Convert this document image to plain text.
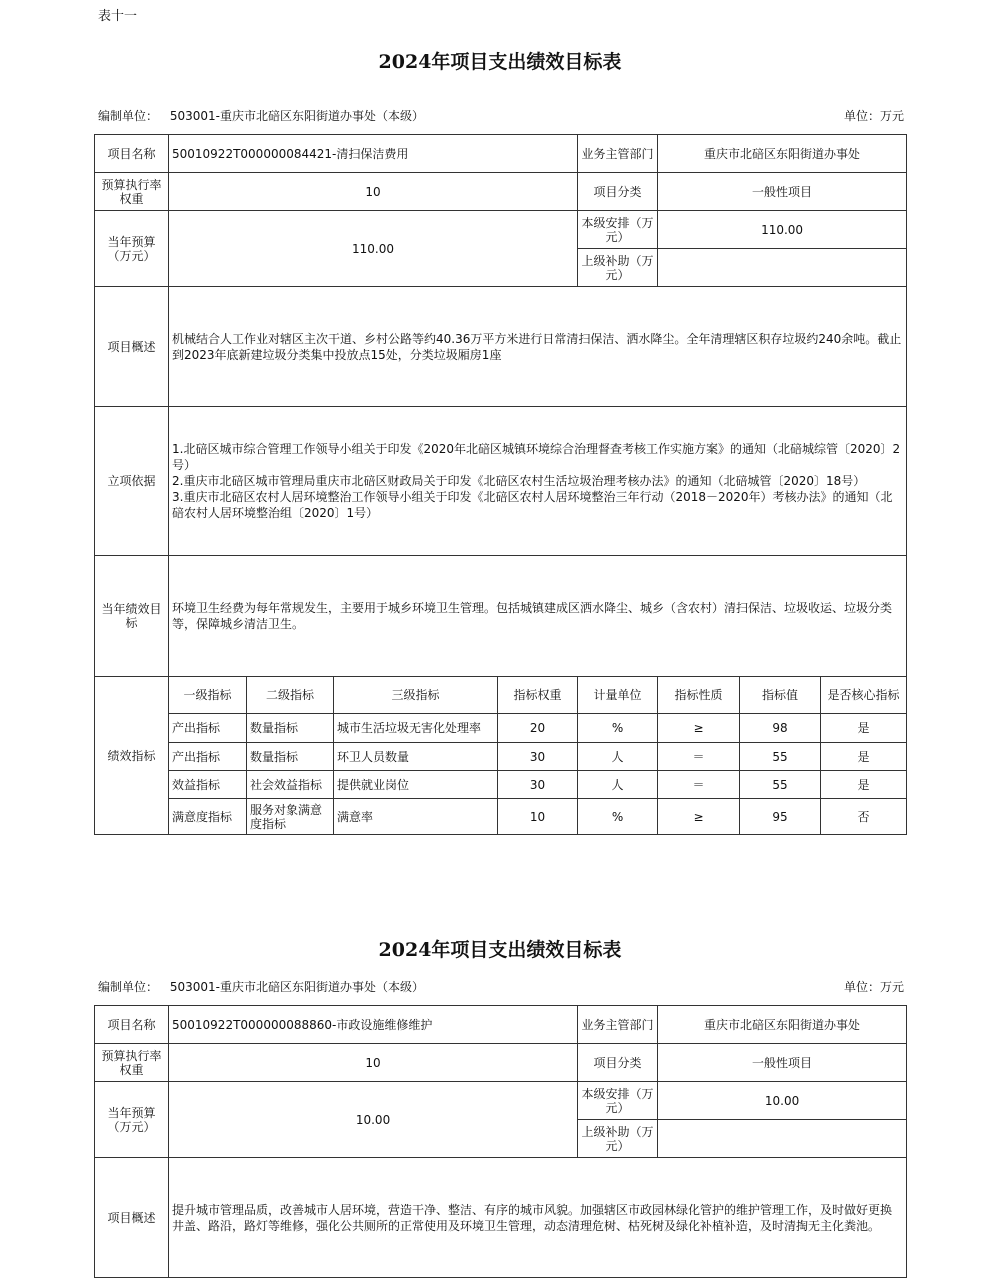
表十一
2024年项目支出绩效目标表
编制单位： 503001-重庆市北碚区东阳街道办事处（本级）	单位：万元
项目名称	50010922T000000084421-清扫保洁费用				业务主管部门	重庆市北碚区东阳街道办事处		
预算执行率权重	10				项目分类	一般性项目		
当年预算（万元）	110.00				本级安排（万元）	110.00		
					上级补助（万元）			
项目概述	机械结合人工作业对辖区主次干道、乡村公路等约40.36万平方米进行日常清扫保洁、洒水降尘。全年清理辖区积存垃圾约240余吨。截止到2023年底新建垃圾分类集中投放点15处，分类垃圾厢房1座							
立项依据	1.北碚区城市综合管理工作领导小组关于印发《2020年北碚区城镇环境综合治理督查考核工作实施方案》的通知（北碚城综管〔2020〕2号）
2.重庆市北碚区城市管理局重庆市北碚区财政局关于印发《北碚区农村生活垃圾治理考核办法》的通知（北碚城管〔2020〕18号）
3.重庆市北碚区农村人居环境整治工作领导小组关于印发《北碚区农村人居环境整治三年行动（2018－2020年）考核办法》的通知（北碚农村人居环境整治组〔2020〕1号）							

当年绩效目标	环境卫生经费为每年常规发生，主要用于城乡环境卫生管理。包括城镇建成区洒水降尘、城乡（含农村）清扫保洁、垃圾收运、垃圾分类等，保障城乡清洁卫生。							
绩效指标	一级指标	二级指标	三级指标	指标权重	计量单位	指标性质	指标值	是否核心指标
	产出指标	数量指标	城市生活垃圾无害化处理率	20	%	≥	98	是
	产出指标	数量指标	环卫人员数量	30	人	＝	55	是
	效益指标	社会效益指标	提供就业岗位	30	人	＝	55	是
	满意度指标	服务对象满意度指标	满意率	10	%	≥	95	否
2024年项目支出绩效目标表
编制单位： 503001-重庆市北碚区东阳街道办事处（本级）	单位：万元
项目名称	50010922T000000088860-市政设施维修维护	业务主管部门	重庆市北碚区东阳街道办事处
预算执行率权重	10	项目分类	一般性项目
当年预算（万元）	10.00	本级安排（万元）	10.00
		上级补助（万元）	
项目概述	提升城市管理品质，改善城市人居环境，营造干净、整洁、有序的城市风貌。加强辖区市政园林绿化管护的维护管理工作，及时做好更换井盖、路沿，路灯等维修，强化公共厕所的正常使用及环境卫生管理，动态清理危树、枯死树及绿化补植补造，及时清掏无主化粪池。		
